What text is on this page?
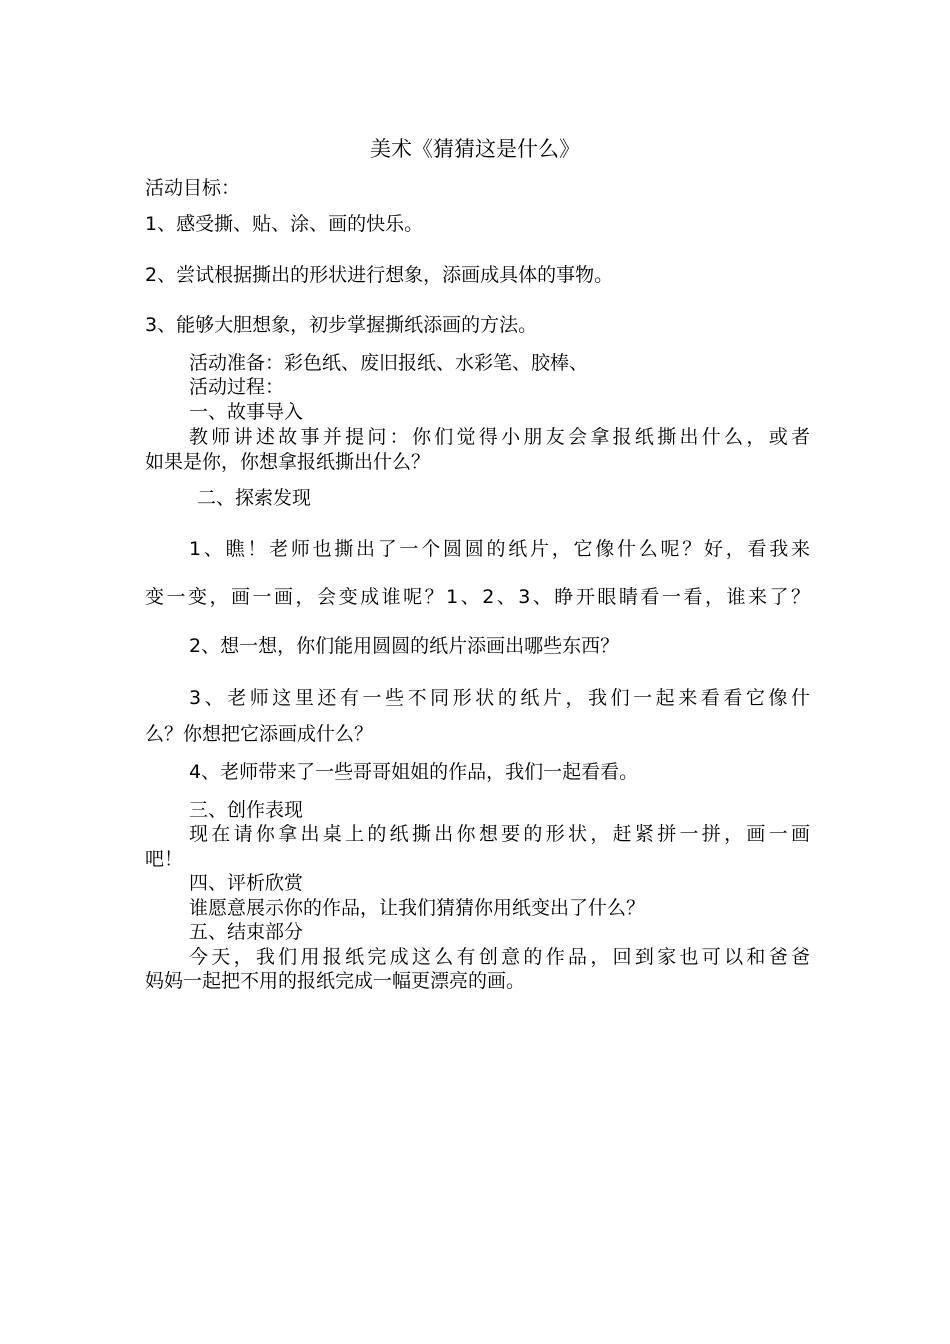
美术《猜猜这是什么》
活动目标：
1、感受撕、贴、涂、画的快乐。
2、尝试根据撕出的形状进行想象，添画成具体的事物。
3、能够大胆想象，初步掌握撕纸添画的方法。
活动准备：彩色纸、废旧报纸、水彩笔、胶棒、
活动过程：
一、故事导入
教师讲述故事并提问：你们觉得小朋友会拿报纸撕出什么，或者
如果是你，你想拿报纸撕出什么？
二、探索发现
1、瞧！老师也撕出了一个圆圆的纸片，它像什么呢？好，看我来
变一变，画一画，会变成谁呢？1、2、3、睁开眼睛看一看，谁来了？
2、想一想，你们能用圆圆的纸片添画出哪些东西？
3、老师这里还有一些不同形状的纸片，我们一起来看看它像什
么？你想把它添画成什么？
4、老师带来了一些哥哥姐姐的作品，我们一起看看。
三、创作表现
现在请你拿出桌上的纸撕出你想要的形状，赶紧拼一拼，画一画
吧！
四、评析欣赏
谁愿意展示你的作品，让我们猜猜你用纸变出了什么？
五、结束部分
今天，我们用报纸完成这么有创意的作品，回到家也可以和爸爸
妈妈一起把不用的报纸完成一幅更漂亮的画。
